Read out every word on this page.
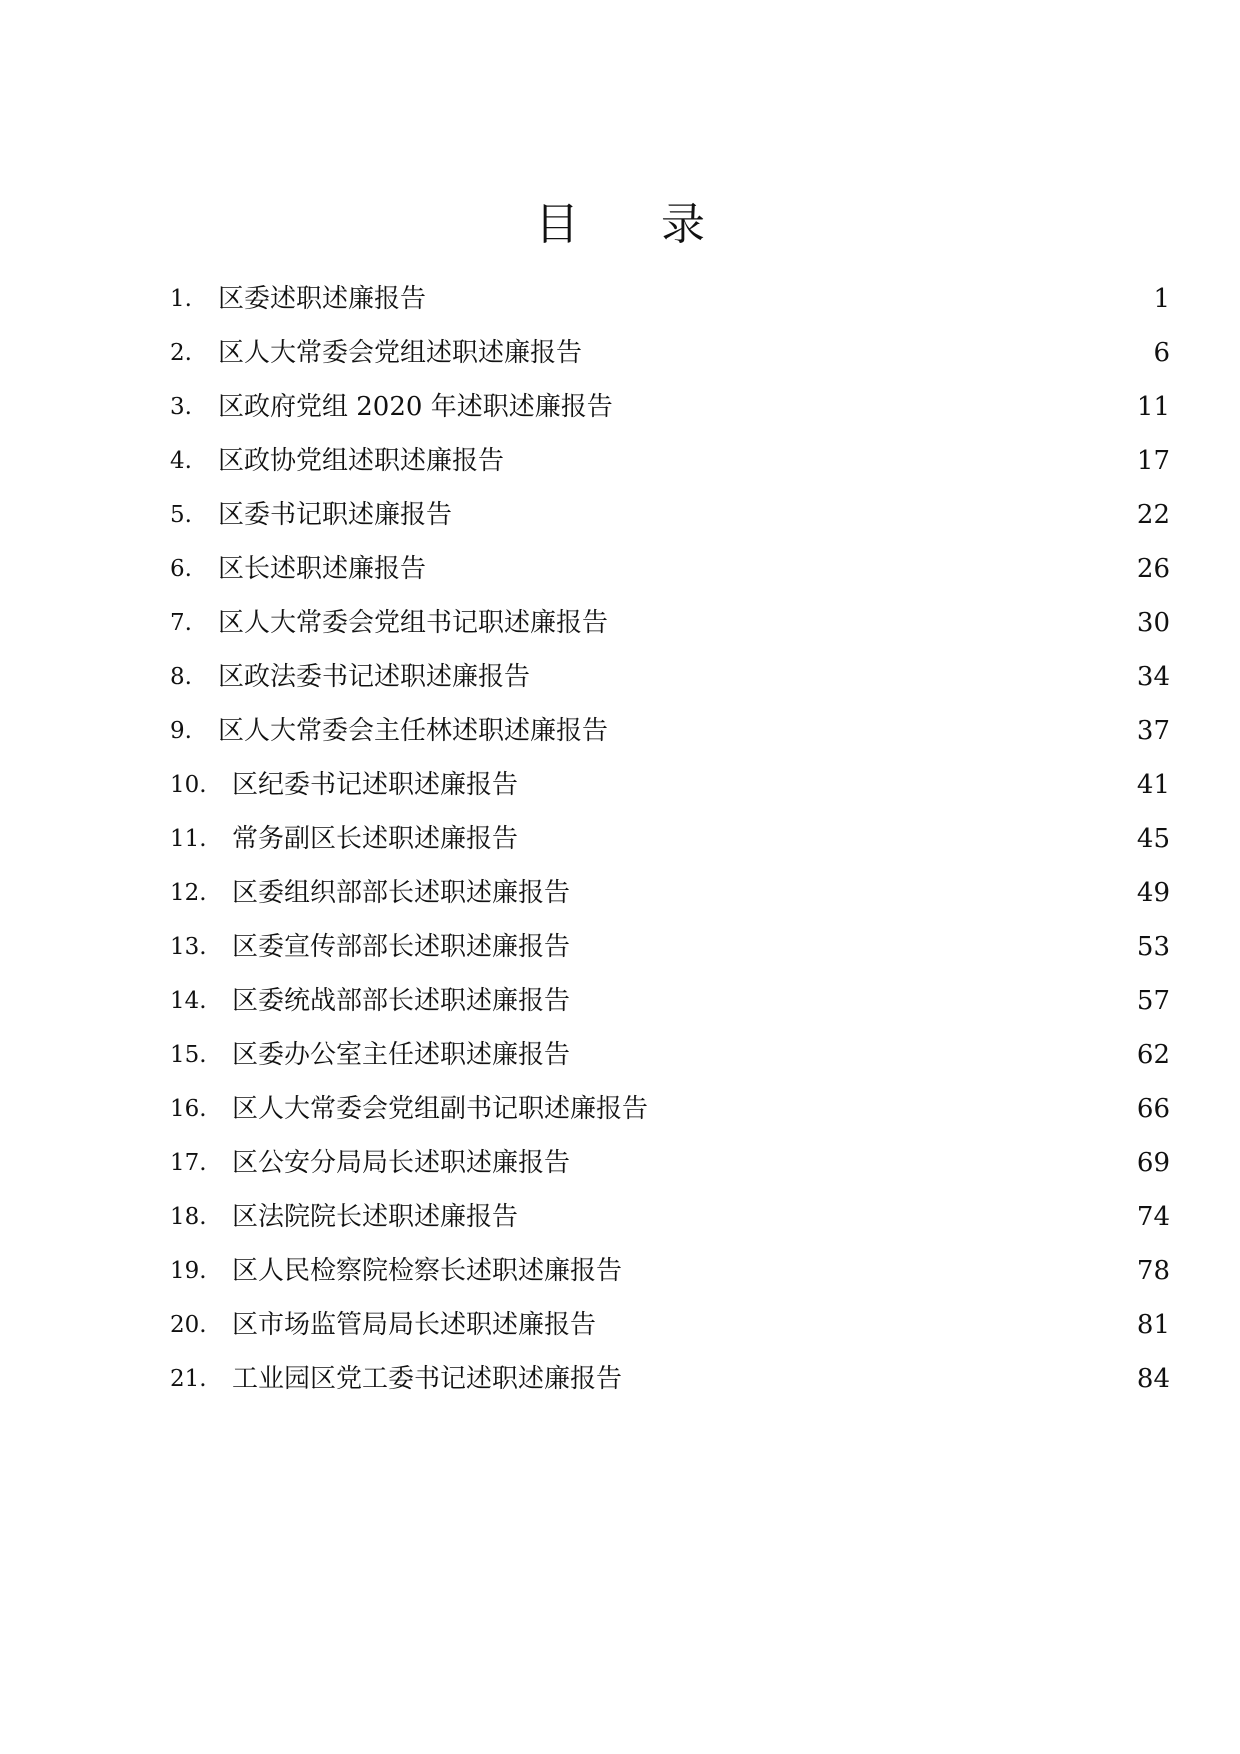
目 录
1.	区委述职述廉报告	1
2.	区人大常委会党组述职述廉报告	6
3.	区政府党组 2020 年述职述廉报告	11
4.	区政协党组述职述廉报告	17
5.	区委书记职述廉报告	22
6.	区长述职述廉报告	26
7.	区人大常委会党组书记职述廉报告	30
8.	区政法委书记述职述廉报告	34
9.	区人大常委会主任林述职述廉报告	37
10. 区纪委书记述职述廉报告	41
11. 常务副区长述职述廉报告	45
12. 区委组织部部长述职述廉报告	49
13. 区委宣传部部长述职述廉报告	53
14. 区委统战部部长述职述廉报告	57
15. 区委办公室主任述职述廉报告	62
16. 区人大常委会党组副书记职述廉报告	66
17. 区公安分局局长述职述廉报告	69
18. 区法院院长述职述廉报告	74
19. 区人民检察院检察长述职述廉报告	78
20. 区市场监管局局长述职述廉报告	81
21. 工业园区党工委书记述职述廉报告	84
